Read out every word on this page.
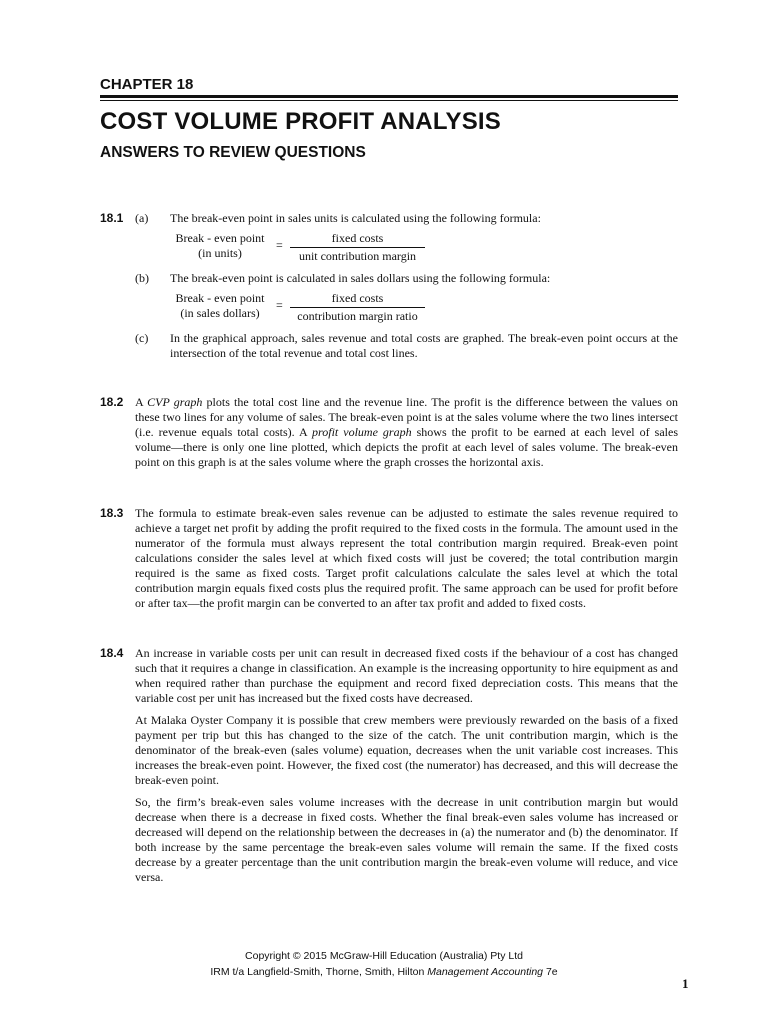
CHAPTER 18
COST VOLUME PROFIT ANALYSIS
ANSWERS TO REVIEW QUESTIONS
18.1 (a) The break-even point in sales units is calculated using the following formula:
Break - even point
(in units)
=	fixed costs
unit contribution margin
(b) The break-even point is calculated in sales dollars using the following formula:
Break - even point
(in sales dollars)
=	fixed costs
contribution margin ratio
(c) In the graphical approach, sales revenue and total costs are graphed. The break-even point occurs at the intersection of the total revenue and total cost lines.
18.2 A CVP graph plots the total cost line and the revenue line. The profit is the difference between the values on these two lines for any volume of sales. The break-even point is at the sales volume where the two lines intersect (i.e. revenue equals total costs). A profit volume graph shows the profit to be earned at each level of sales volume—there is only one line plotted, which depicts the profit at each level of sales volume. The break-even point on this graph is at the sales volume where the graph crosses the horizontal axis.

18.3 The formula to estimate break-even sales revenue can be adjusted to estimate the sales revenue required to achieve a target net profit by adding the profit required to the fixed costs in the formula. The amount used in the numerator of the formula must always represent the total contribution margin required. Break-even point calculations consider the sales level at which fixed costs will just be covered; the total contribution margin required is the same as fixed costs. Target profit calculations calculate the sales level at which the total contribution margin equals fixed costs plus the required profit. The same approach can be used for profit before or after tax—the profit margin can be converted to an after tax profit and added to fixed costs.

18.4 An increase in variable costs per unit can result in decreased fixed costs if the behaviour of a cost has changed such that it requires a change in classification. An example is the increasing opportunity to hire equipment as and when required rather than purchase the equipment and record fixed depreciation costs. This means that the variable cost per unit has increased but the fixed costs have decreased.

At Malaka Oyster Company it is possible that crew members were previously rewarded on the basis of a fixed payment per trip but this has changed to the size of the catch. The unit contribution margin, which is the denominator of the break-even (sales volume) equation, decreases when the unit variable cost increases. This increases the break-even point. However, the fixed cost (the numerator) has decreased, and this will decrease the break-even point.

So, the firm’s break-even sales volume increases with the decrease in unit contribution margin but would decrease when there is a decrease in fixed costs. Whether the final break-even sales volume has increased or decreased will depend on the relationship between the decreases in (a) the numerator and (b) the denominator. If both increase by the same percentage the break-even sales volume will remain the same. If the fixed costs decrease by a greater percentage than the unit contribution margin the break-even volume will reduce, and vice versa.

Copyright © 2015 McGraw-Hill Education (Australia) Pty Ltd
IRM t/a Langfield-Smith, Thorne, Smith, Hilton Management Accounting 7e
1
